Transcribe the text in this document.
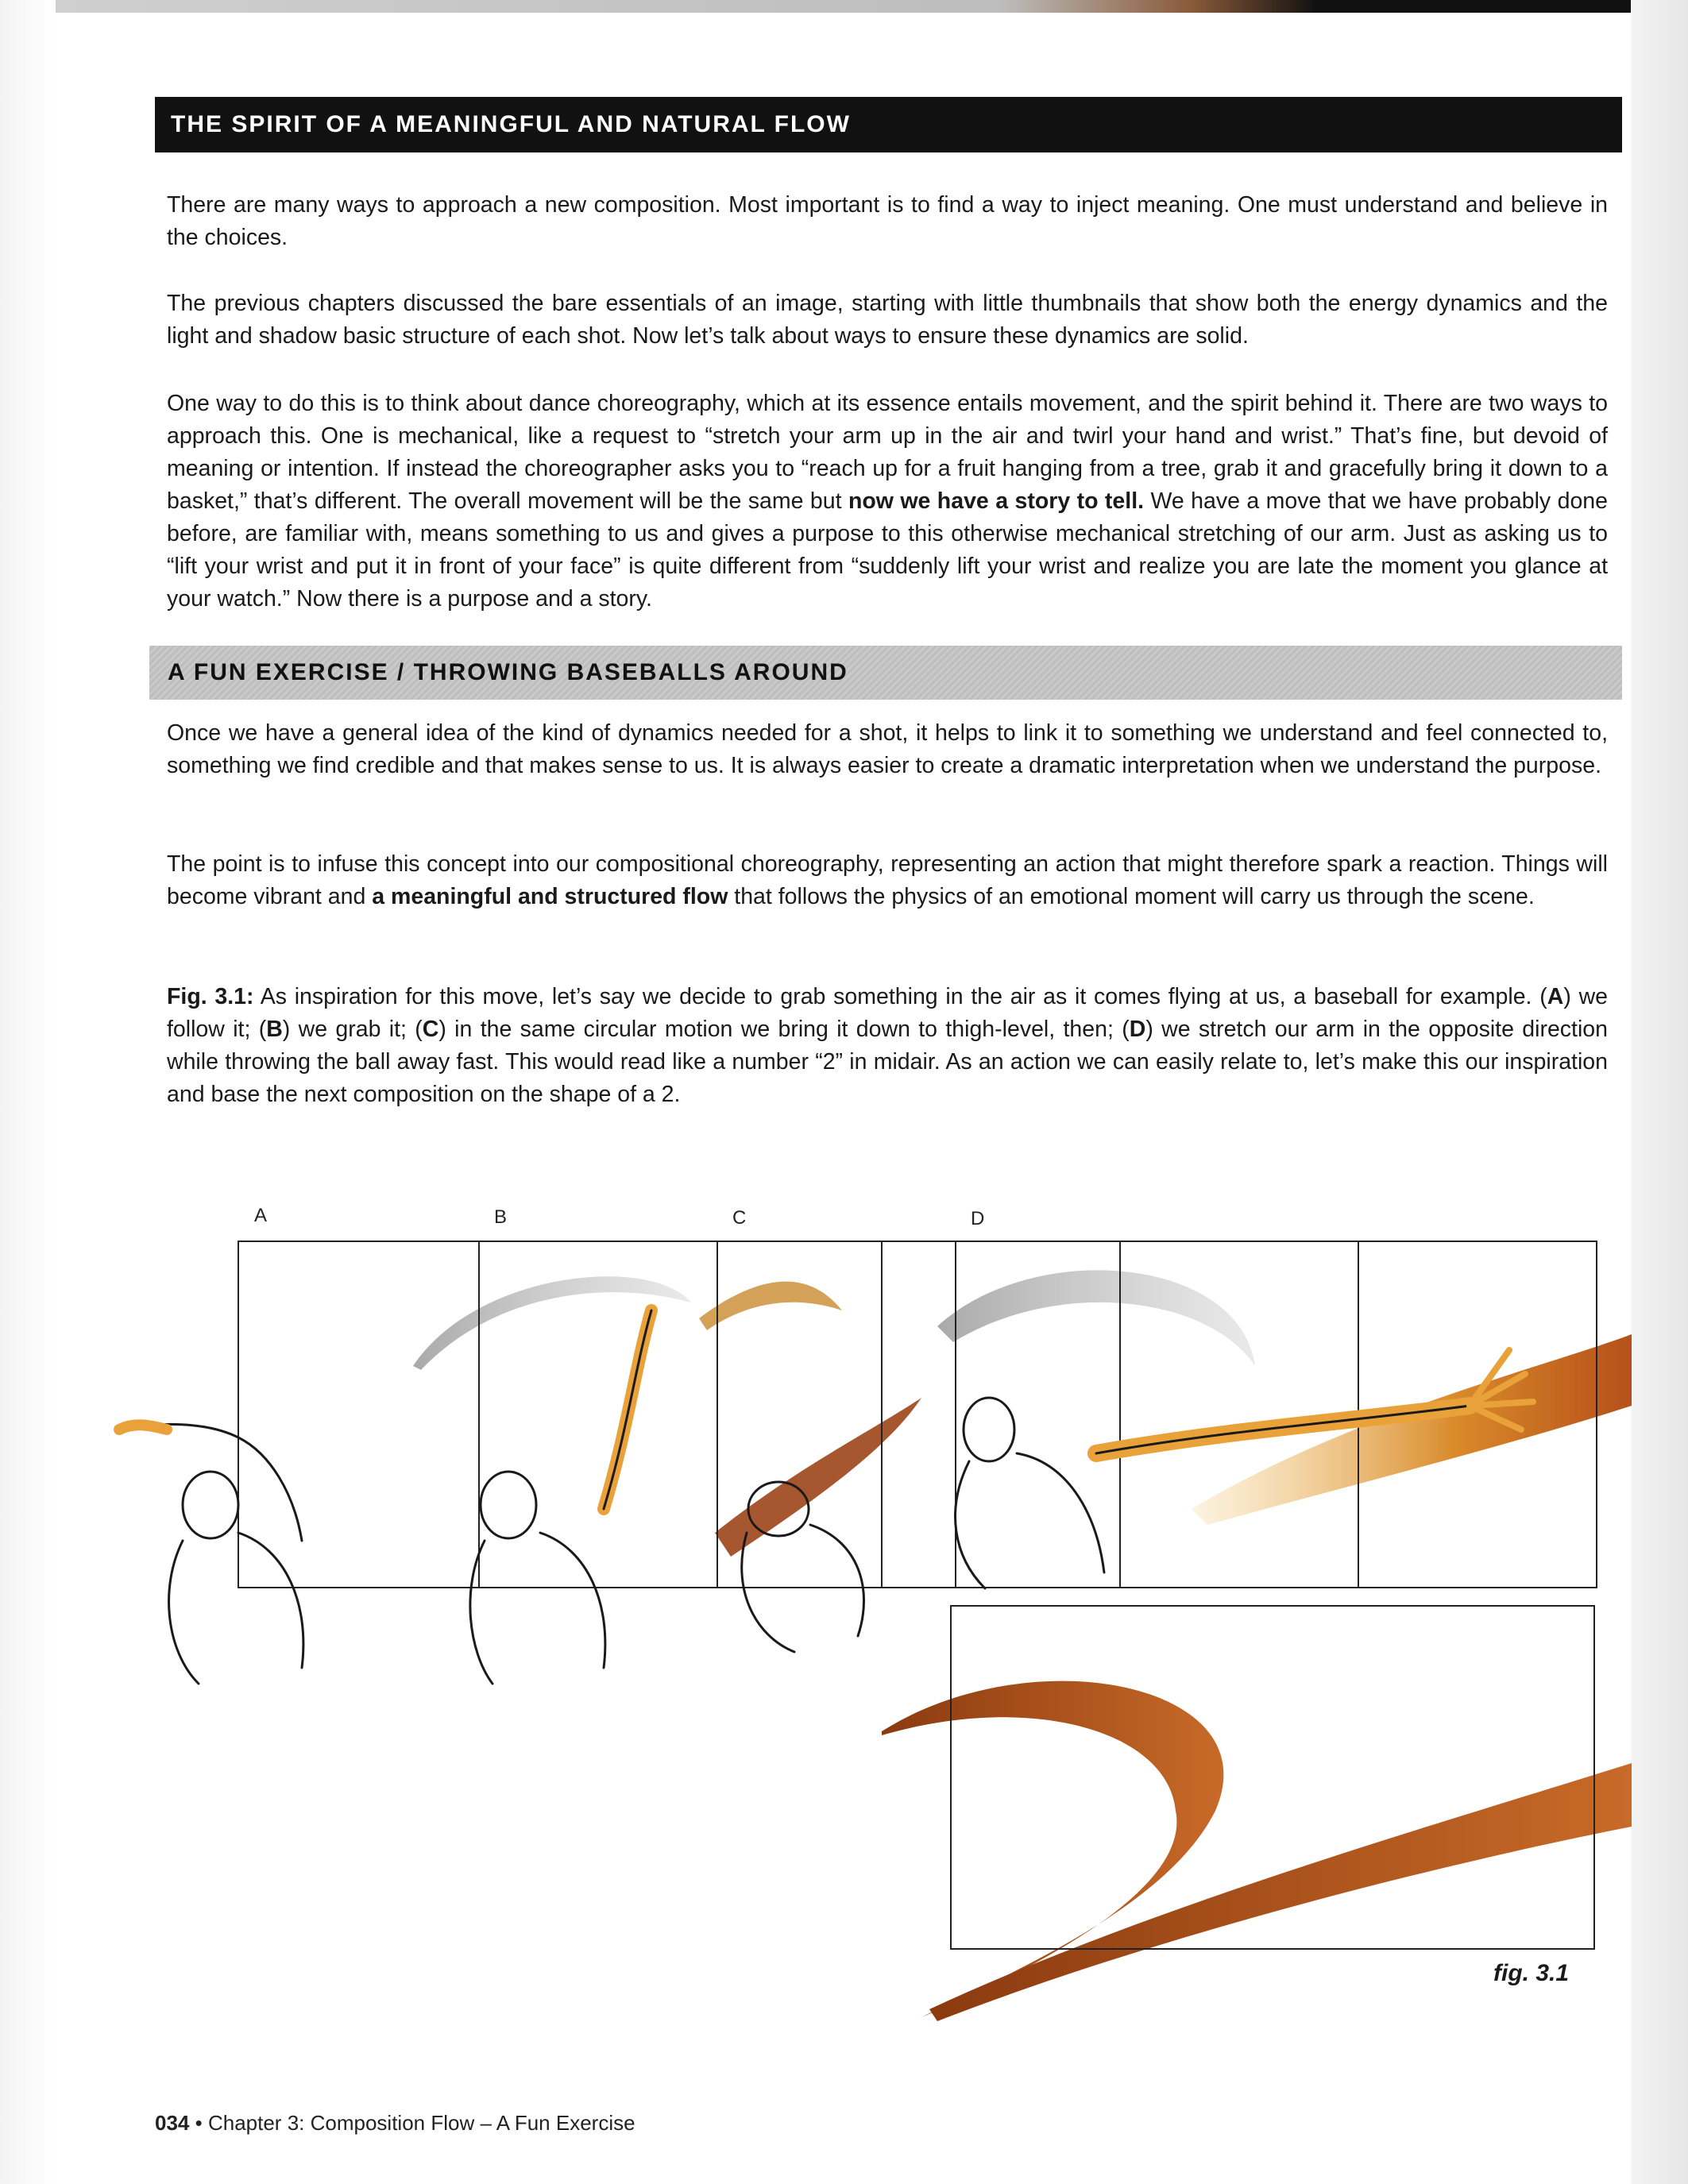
THE SPIRIT OF A MEANINGFUL AND NATURAL FLOW

There are many ways to approach a new composition. Most important is to find a way to inject meaning. One must understand and believe in the choices.

The previous chapters discussed the bare essentials of an image, starting with little thumbnails that show both the energy dynamics and the light and shadow basic structure of each shot. Now let’s talk about ways to ensure these dynamics are solid.

One way to do this is to think about dance choreography, which at its essence entails movement, and the spirit behind it. There are two ways to approach this. One is mechanical, like a request to “stretch your arm up in the air and twirl your hand and wrist.” That’s fine, but devoid of meaning or intention. If instead the choreographer asks you to “reach up for a fruit hanging from a tree, grab it and gracefully bring it down to a basket,” that’s different. The overall movement will be the same but now we have a story to tell. We have a move that we have probably done before, are familiar with, means something to us and gives a purpose to this otherwise mechanical stretching of our arm. Just as asking us to “lift your wrist and put it in front of your face” is quite different from “suddenly lift your wrist and realize you are late the moment you glance at your watch.” Now there is a purpose and a story.

A FUN EXERCISE / THROWING BASEBALLS AROUND

Once we have a general idea of the kind of dynamics needed for a shot, it helps to link it to something we understand and feel connected to, something we find credible and that makes sense to us. It is always easier to create a dramatic interpretation when we understand the purpose.

The point is to infuse this concept into our compositional choreography, representing an action that might therefore spark a reaction. Things will become vibrant and a meaningful and structured flow that follows the physics of an emotional moment will carry us through the scene.

Fig. 3.1: As inspiration for this move, let’s say we decide to grab something in the air as it comes flying at us, a baseball for example. (A) we follow it; (B) we grab it; (C) in the same circular motion we bring it down to thigh-level, then; (D) we stretch our arm in the opposite direction while throwing the ball away fast. This would read like a number “2” in midair. As an action we can easily relate to, let’s make this our inspiration and base the next composition on the shape of a 2.

A	B	C	D
fig. 3.1
034 • Chapter 3: Composition Flow – A Fun Exercise
